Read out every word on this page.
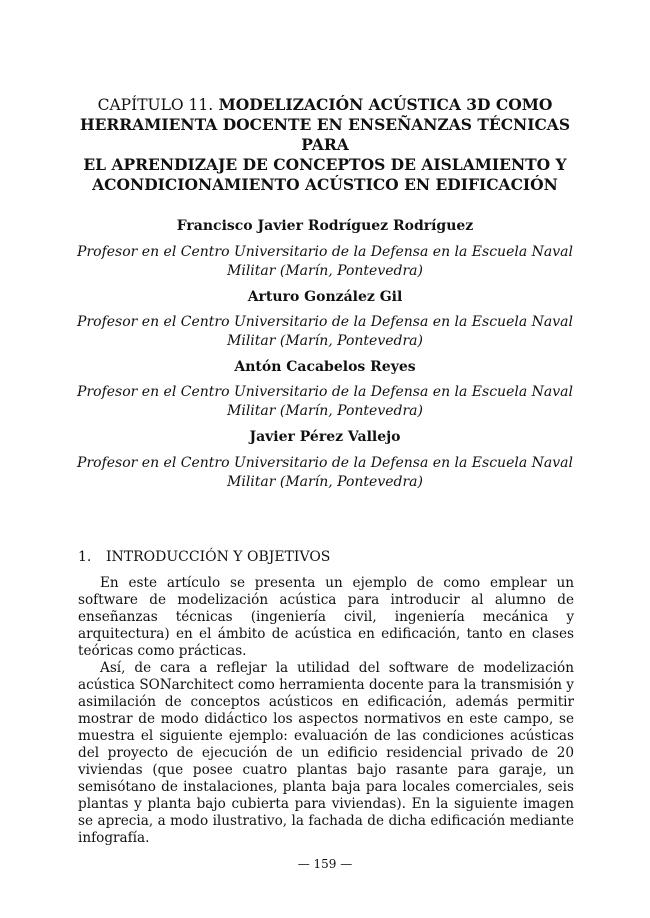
CAPÍTULO 11. MODELIZACIÓN ACÚSTICA 3D COMO
HERRAMIENTA DOCENTE EN ENSEÑANZAS TÉCNICAS PARA
EL APRENDIZAJE DE CONCEPTOS DE AISLAMIENTO Y
ACONDICIONAMIENTO ACÚSTICO EN EDIFICACIÓN
Francisco Javier Rodríguez Rodríguez
Profesor en el Centro Universitario de la Defensa en la Escuela Naval
Militar (Marín, Pontevedra)
Arturo González Gil
Profesor en el Centro Universitario de la Defensa en la Escuela Naval
Militar (Marín, Pontevedra)
Antón Cacabelos Reyes
Profesor en el Centro Universitario de la Defensa en la Escuela Naval
Militar (Marín, Pontevedra)
Javier Pérez Vallejo
Profesor en el Centro Universitario de la Defensa en la Escuela Naval
Militar (Marín, Pontevedra)
1. INTRODUCCIÓN Y OBJETIVOS

En este artículo se presenta un ejemplo de como emplear un software de modelización acústica para introducir al alumno de enseñanzas técnicas (ingeniería civil, ingeniería mecánica y arquitectura) en el ámbito de acústica en edificación, tanto en clases teóricas como prácticas.

Así, de cara a reflejar la utilidad del software de modelización acústica SONarchitect como herramienta docente para la transmisión y asimilación de conceptos acústicos en edificación, además permitir mostrar de modo didáctico los aspectos normativos en este campo, se muestra el siguiente ejemplo: evaluación de las condiciones acústicas del proyecto de ejecución de un edificio residencial privado de 20 viviendas (que posee cuatro plantas bajo rasante para garaje, un semisótano de instalaciones, planta baja para locales comerciales, seis plantas y planta bajo cubierta para viviendas). En la siguiente imagen se aprecia, a modo ilustrativo, la fachada de dicha edificación mediante infografía.

— 159 —
